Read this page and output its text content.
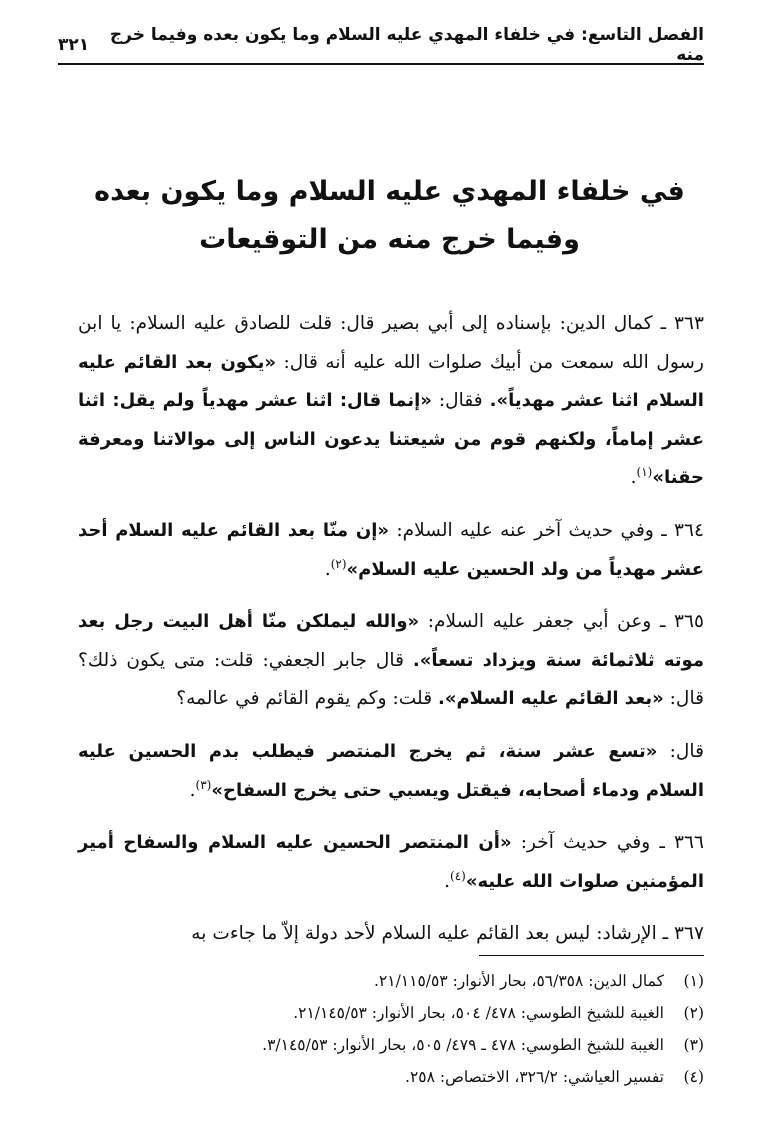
الفصل التاسع: في خلفاء المهدي عليه السلام وما يكون بعده وفيما خرج منه
٣٢١
في خلفاء المهدي عليه السلام وما يكون بعده
وفيما خرج منه من التوقيعات

٣٦٣ ـ كمال الدين: بإسناده إلى أبي بصير قال: قلت للصادق عليه السلام: يا ابن رسول الله سمعت من أبيك صلوات الله عليه أنه قال: «يكون بعد القائم عليه السلام اثنا عشر مهدياً». فقال: «إنما قال: اثنا عشر مهدياً ولم يقل: اثنا عشر إماماً، ولكنهم قوم من شيعتنا يدعون الناس إلى موالاتنا ومعرفة حقنا»$^{(١)}$.

٣٦٤ ـ وفي حديث آخر عنه عليه السلام: «إن منّا بعد القائم عليه السلام أحد عشر مهدياً من ولد الحسين عليه السلام»$^{(٢)}$.

٣٦٥ ـ وعن أبي جعفر عليه السلام: «والله ليملكن منّا أهل البيت رجل بعد موته ثلاثمائة سنة ويزداد تسعاً». قال جابر الجعفي: قلت: متى يكون ذلك؟ قال: «بعد القائم عليه السلام». قلت: وكم يقوم القائم في عالمه؟

قال: «تسع عشر سنة، ثم يخرج المنتصر فيطلب بدم الحسين عليه السلام ودماء أصحابه، فيقتل ويسبي حتى يخرج السفاح»$^{(٣)}$.

٣٦٦ ـ وفي حديث آخر: «أن المنتصر الحسين عليه السلام والسفاح أمير المؤمنين صلوات الله عليه»$^{(٤)}$.

٣٦٧ ـ الإرشاد: ليس بعد القائم عليه السلام لأحد دولة إلاّ ما جاءت به

(١)
كمال الدين: ٥٦/٣٥٨، بحار الأنوار: ٢١/١١٥/٥٣.
(٢)
الغيبة للشيخ الطوسي: ٤٧٨/ ٥٠٤، بحار الأنوار: ٢١/١٤٥/٥٣.
(٣)
الغيبة للشيخ الطوسي: ٤٧٨ ـ ٤٧٩/ ٥٠٥، بحار الأنوار: ٣/١٤٥/٥٣.
(٤)
تفسير العياشي: ٣٢٦/٢، الاختصاص: ٢٥٨.
